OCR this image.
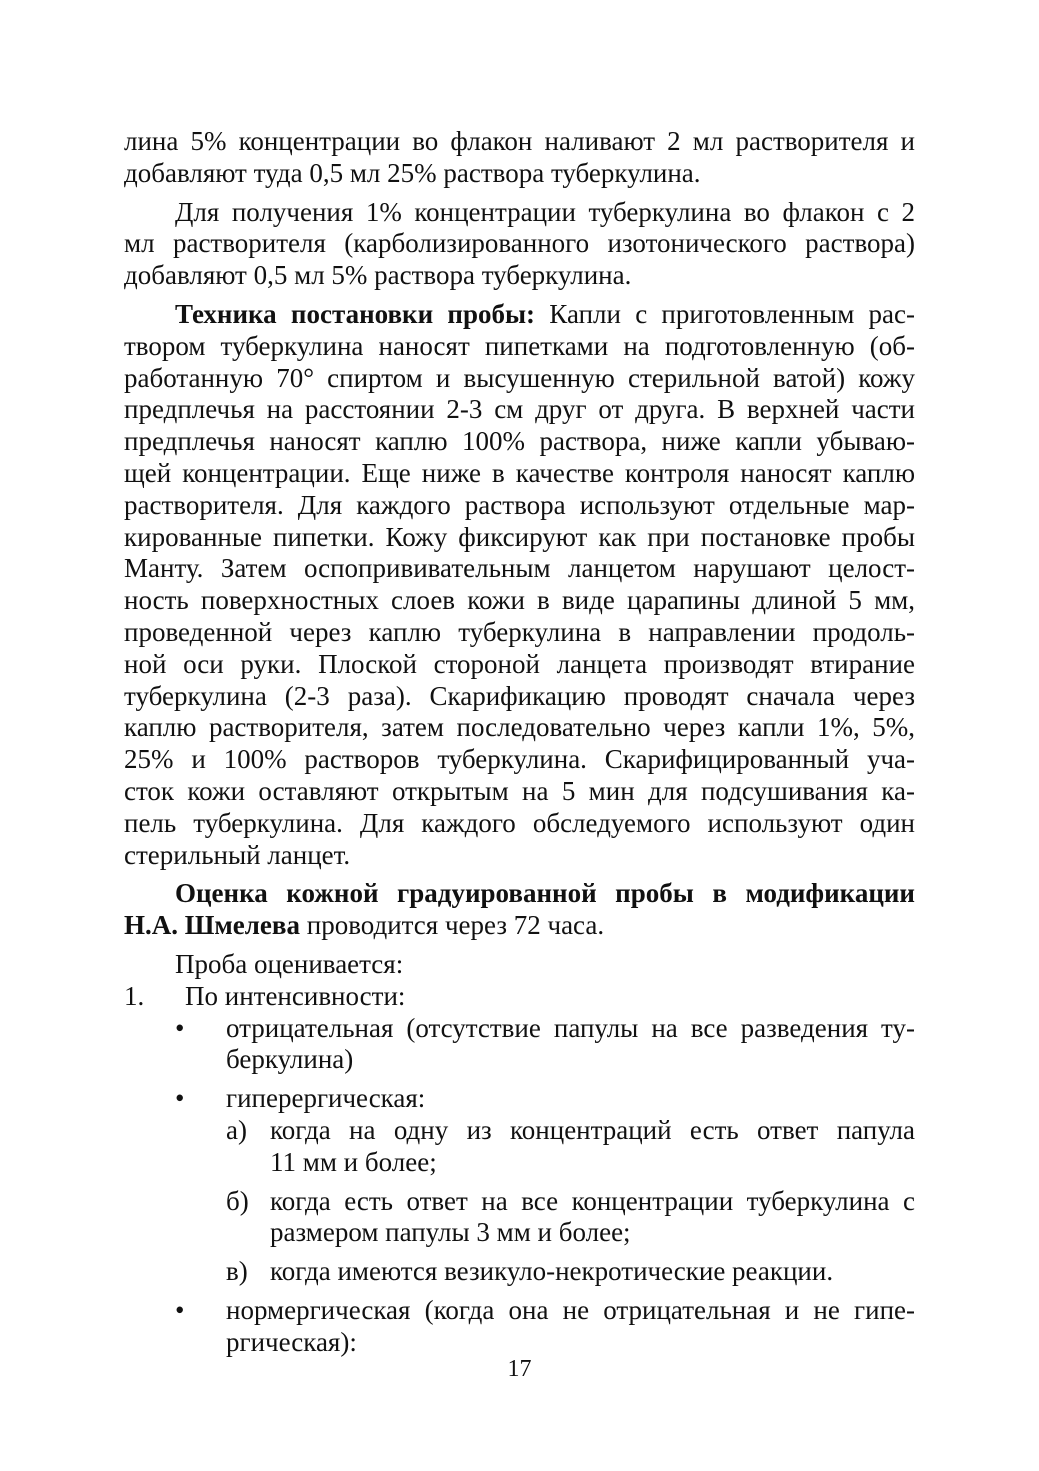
лина 5% концентрации во флакон наливают 2 мл растворителя и
добавляют туда 0,5 мл 25% раствора туберкулина.
Для получения 1% концентрации туберкулина во флакон с 2
мл растворителя (карболизированного изотонического раствора)
добавляют 0,5 мл 5% раствора туберкулина.
Техника постановки пробы: Капли с приготовленным рас-
твором туберкулина наносят пипетками на подготовленную (об-
работанную 70° спиртом и высушенную стерильной ватой) кожу
предплечья на расстоянии 2-3 см друг от друга. В верхней части
предплечья наносят каплю 100% раствора, ниже капли убываю-
щей концентрации. Еще ниже в качестве контроля наносят каплю
растворителя. Для каждого раствора используют отдельные мар-
кированные пипетки. Кожу фиксируют как при постановке пробы
Манту. Затем оспопрививательным ланцетом нарушают целост-
ность поверхностных слоев кожи в виде царапины длиной 5 мм,
проведенной через каплю туберкулина в направлении продоль-
ной оси руки. Плоской стороной ланцета производят втирание
туберкулина (2-3 раза). Скарификацию проводят сначала через
каплю растворителя, затем последовательно через капли 1%, 5%,
25% и 100% растворов туберкулина. Скарифицированный уча-
сток кожи оставляют открытым на 5 мин для подсушивания ка-
пель туберкулина. Для каждого обследуемого используют один
стерильный ланцет.
Оценка кожной градуированной пробы в модификации
Н.А. Шмелева проводится через 72 часа.
Проба оценивается:
1. По интенсивности:
• отрицательная (отсутствие папулы на все разведения ту-
беркулина)
• гиперергическая:
а) когда на одну из концентраций есть ответ папула
11 мм и более;
б) когда есть ответ на все концентрации туберкулина с
размером папулы 3 мм и более;
в) когда имеются везикуло-некротические реакции.
• нормергическая (когда она не отрицательная и не гипе-
ргическая):
17
